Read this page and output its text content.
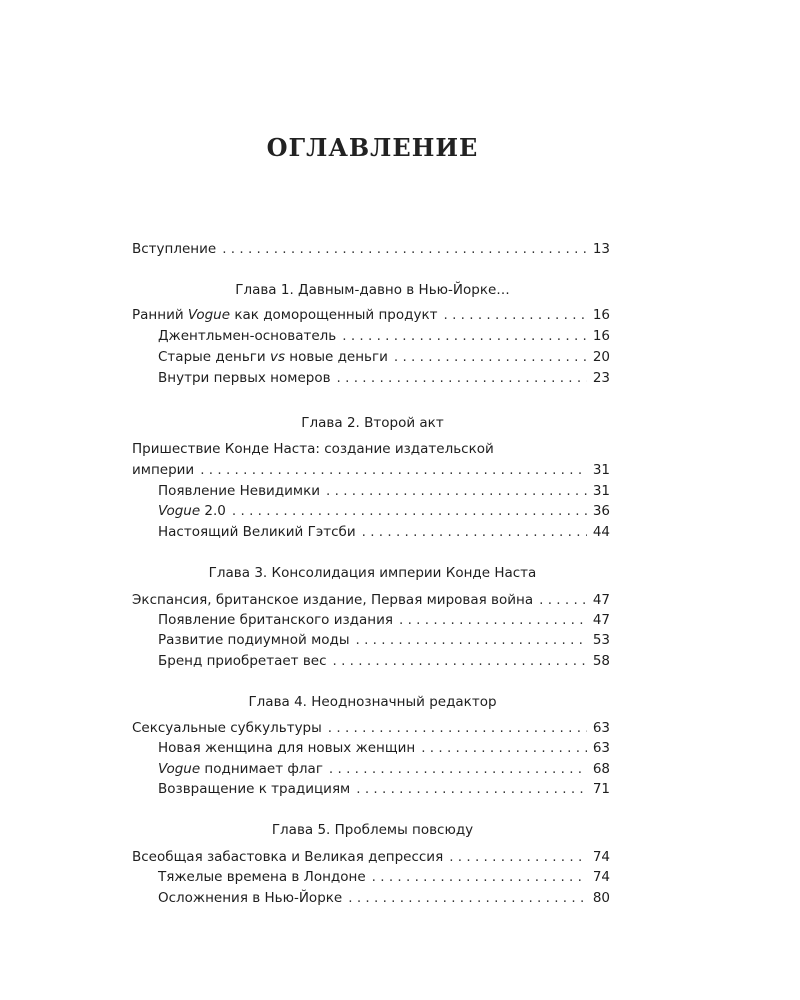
ОГЛАВЛЕНИЕ
Вступление . . .	13
Глава 1. Давным-давно в Нью-Йорке…
Ранний Vogue как доморощенный продукт . . .	16
Джентльмен-основатель . . .	16
Старые деньги vs новые деньги . . .	20
Внутри первых номеров . . .	23
Глава 2. Второй акт
Пришествие Конде Наста: создание издательской
империи . . .	31
Появление Невидимки . . .	31
Vogue 2.0 . . .	36
Настоящий Великий Гэтсби . . .	44
Глава 3. Консолидация империи Конде Наста
Экспансия, британское издание, Первая мировая война . . .	47
Появление британского издания . . .	47
Развитие подиумной моды . . .	53
Бренд приобретает вес . . .	58
Глава 4. Неоднозначный редактор
Сексуальные субкультуры . . .	63
Новая женщина для новых женщин . . .	63
Vogue поднимает флаг . . .	68
Возвращение к традициям . . .	71
Глава 5. Проблемы повсюду
Всеобщая забастовка и Великая депрессия . . .	74
Тяжелые времена в Лондоне . . .	74
Осложнения в Нью-Йорке . . .	80
